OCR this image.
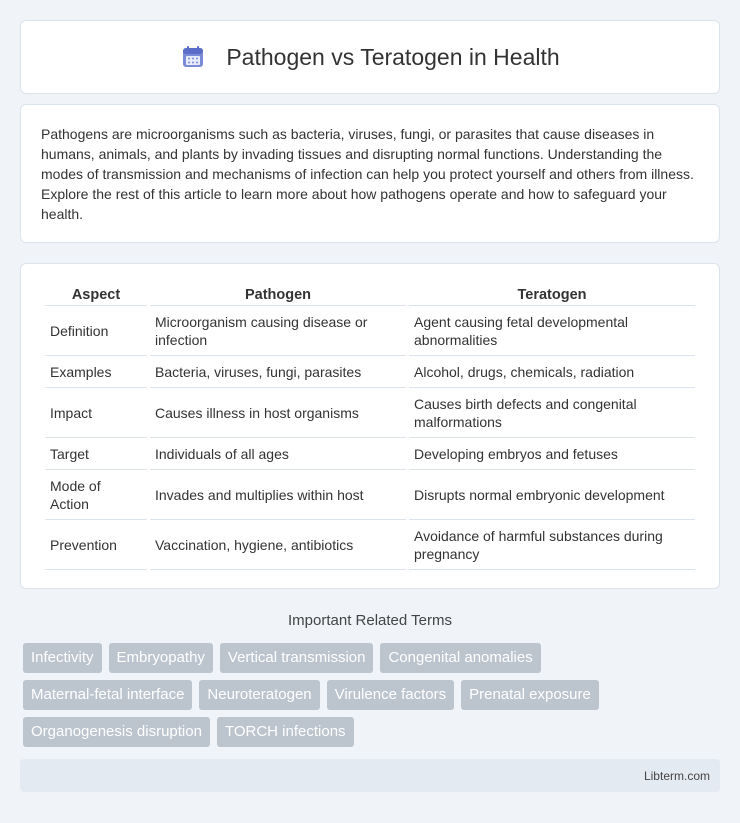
Pathogen vs Teratogen in Health

Pathogens are microorganisms such as bacteria, viruses, fungi, or parasites that cause diseases in humans, animals, and plants by invading tissues and disrupting normal functions. Understanding the modes of transmission and mechanisms of infection can help you protect yourself and others from illness. Explore the rest of this article to learn more about how pathogens operate and how to safeguard your health.

Aspect	Pathogen	Teratogen
Definition	Microorganism causing disease or infection	Agent causing fetal developmental abnormalities
Examples	Bacteria, viruses, fungi, parasites	Alcohol, drugs, chemicals, radiation
Impact	Causes illness in host organisms	Causes birth defects and congenital malformations
Target	Individuals of all ages	Developing embryos and fetuses
Mode of Action	Invades and multiplies within host	Disrupts normal embryonic development
Prevention	Vaccination, hygiene, antibiotics	Avoidance of harmful substances during pregnancy
Important Related Terms
Infectivity	Embryopathy	Vertical transmission	Congenital anomalies
Maternal-fetal interface	Neuroteratogen	Virulence factors	Prenatal exposure
Organogenesis disruption	TORCH infections
Libterm.com
